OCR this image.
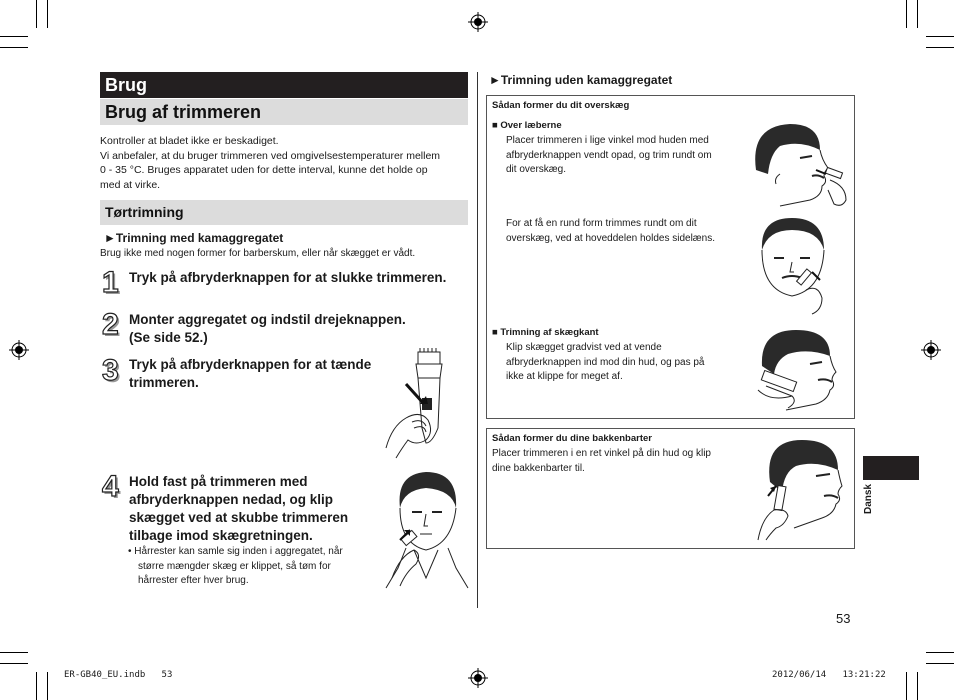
Brug
Brug af trimmeren
Kontroller at bladet ikke er beskadiget.
Vi anbefaler, at du bruger trimmeren ved omgivelsestemperaturer mellem
0 - 35 °C. Bruges apparatet uden for dette interval, kunne det holde op
med at virke.
Tørtrimning
►Trimning med kamaggregatet
Brug ikke med nogen former for barberskum, eller når skægget er vådt.
1 Tryk på afbryderknappen for at slukke trimmeren.
2 Monter aggregatet og indstil drejeknappen.
(Se side 52.)
3 Tryk på afbryderknappen for at tænde
trimmeren.
4 Hold fast på trimmeren med
afbryderknappen nedad, og klip
skægget ved at skubbe trimmeren
tilbage imod skægretningen.
• Hårrester kan samle sig inden i aggregatet, når
større mængder skæg er klippet, så tøm for
hårrester efter hver brug.
►Trimning uden kamaggregatet
Sådan former du dit overskæg
■ Over læberne
Placer trimmeren i lige vinkel mod huden med
afbryderknappen vendt opad, og trim rundt om
dit overskæg.
For at få en rund form trimmes rundt om dit
overskæg, ved at hoveddelen holdes sidelæns.
■ Trimning af skægkant
Klip skægget gradvist ved at vende
afbryderknappen ind mod din hud, og pas på
ikke at klippe for meget af.
Sådan former du dine bakkenbarter
Placer trimmeren i en ret vinkel på din hud og klip
dine bakkenbarter til.
Dansk
53
ER-GB40_EU.indb   53	2012/06/14   13:21:22
